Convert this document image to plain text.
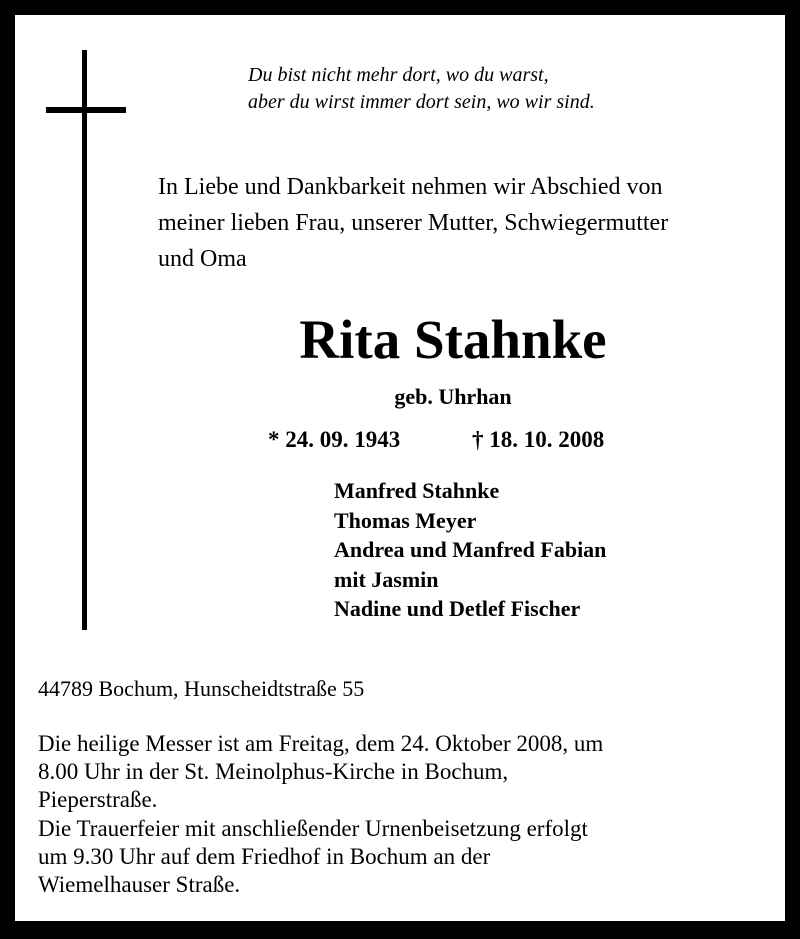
Du bist nicht mehr dort, wo du warst,
aber du wirst immer dort sein, wo wir sind.
In Liebe und Dankbarkeit nehmen wir Abschied von
meiner lieben Frau, unserer Mutter, Schwiegermutter
und Oma
Rita Stahnke
geb. Uhrhan
* 24. 09. 1943	† 18. 10. 2008
Manfred Stahnke
Thomas Meyer
Andrea und Manfred Fabian
mit Jasmin
Nadine und Detlef Fischer
44789 Bochum, Hunscheidtstraße 55
Die heilige Messer ist am Freitag, dem 24. Oktober 2008, um
8.00 Uhr in der St. Meinolphus-Kirche in Bochum,
Pieperstraße.
Die Trauerfeier mit anschließender Urnenbeisetzung erfolgt
um 9.30 Uhr auf dem Friedhof in Bochum an der
Wiemelhauser Straße.
